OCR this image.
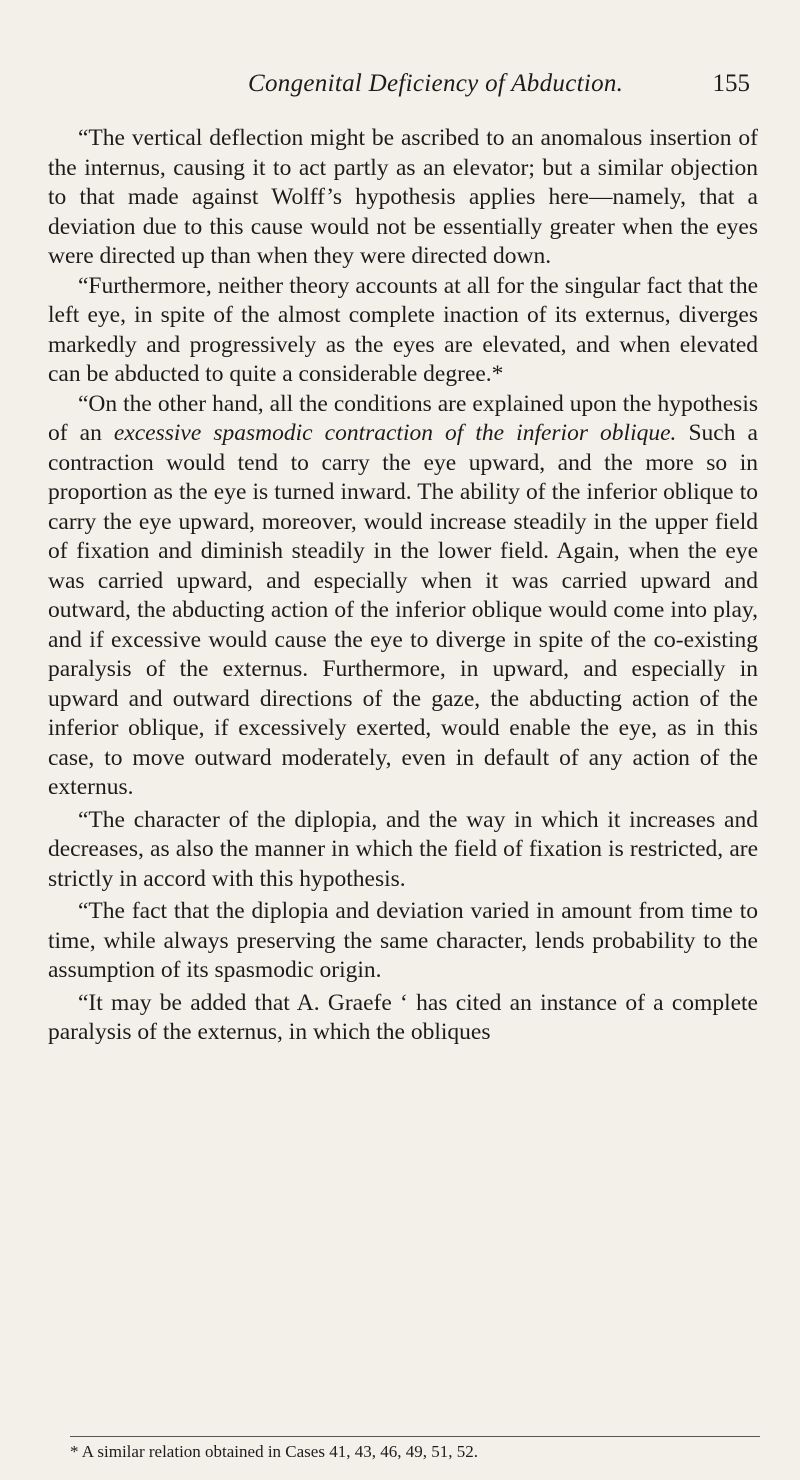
Congenital Deficiency of Abduction.	155

“The vertical deflection might be ascribed to an anomalous insertion of the internus, causing it to act partly as an elevator; but a similar objection to that made against Wolff’s hypothesis applies here—namely, that a deviation due to this cause would not be essentially greater when the eyes were directed up than when they were directed down.

“Furthermore, neither theory accounts at all for the singular fact that the left eye, in spite of the almost complete inaction of its externus, diverges markedly and progressively as the eyes are elevated, and when elevated can be abducted to quite a considerable degree.*

“On the other hand, all the conditions are explained upon the hypothesis of an excessive spasmodic contraction of the inferior oblique. Such a contraction would tend to carry the eye upward, and the more so in proportion as the eye is turned inward. The ability of the inferior oblique to carry the eye upward, moreover, would increase steadily in the upper field of fixation and diminish steadily in the lower field. Again, when the eye was carried upward, and especially when it was carried upward and outward, the abducting action of the inferior oblique would come into play, and if excessive would cause the eye to diverge in spite of the co-existing paralysis of the externus. Furthermore, in upward, and especially in upward and outward directions of the gaze, the abducting action of the inferior oblique, if excessively exerted, would enable the eye, as in this case, to move outward moderately, even in default of any action of the externus.

“The character of the diplopia, and the way in which it increases and decreases, as also the manner in which the field of fixation is restricted, are strictly in accord with this hypothesis.

“The fact that the diplopia and deviation varied in amount from time to time, while always preserving the same character, lends probability to the assumption of its spasmodic origin.

“It may be added that A. Graefe ‘ has cited an instance of a complete paralysis of the externus, in which the obliques

* A similar relation obtained in Cases 41, 43, 46, 49, 51, 52.
